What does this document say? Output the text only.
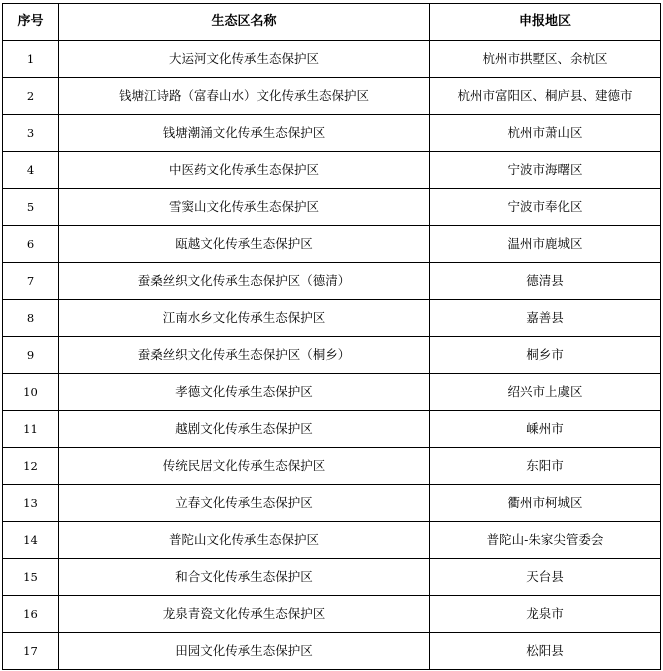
序号	生态区名称	申报地区
1	大运河文化传承生态保护区	杭州市拱墅区、余杭区
2	钱塘江诗路（富春山水）文化传承生态保护区	杭州市富阳区、桐庐县、建德市
3	钱塘潮涌文化传承生态保护区	杭州市萧山区
4	中医药文化传承生态保护区	宁波市海曙区
5	雪窦山文化传承生态保护区	宁波市奉化区
6	瓯越文化传承生态保护区	温州市鹿城区
7	蚕桑丝织文化传承生态保护区（德清）	德清县
8	江南水乡文化传承生态保护区	嘉善县
9	蚕桑丝织文化传承生态保护区（桐乡）	桐乡市
10	孝德文化传承生态保护区	绍兴市上虞区
11	越剧文化传承生态保护区	嵊州市
12	传统民居文化传承生态保护区	东阳市
13	立春文化传承生态保护区	衢州市柯城区
14	普陀山文化传承生态保护区	普陀山-朱家尖管委会
15	和合文化传承生态保护区	天台县
16	龙泉青瓷文化传承生态保护区	龙泉市
17	田园文化传承生态保护区	松阳县
